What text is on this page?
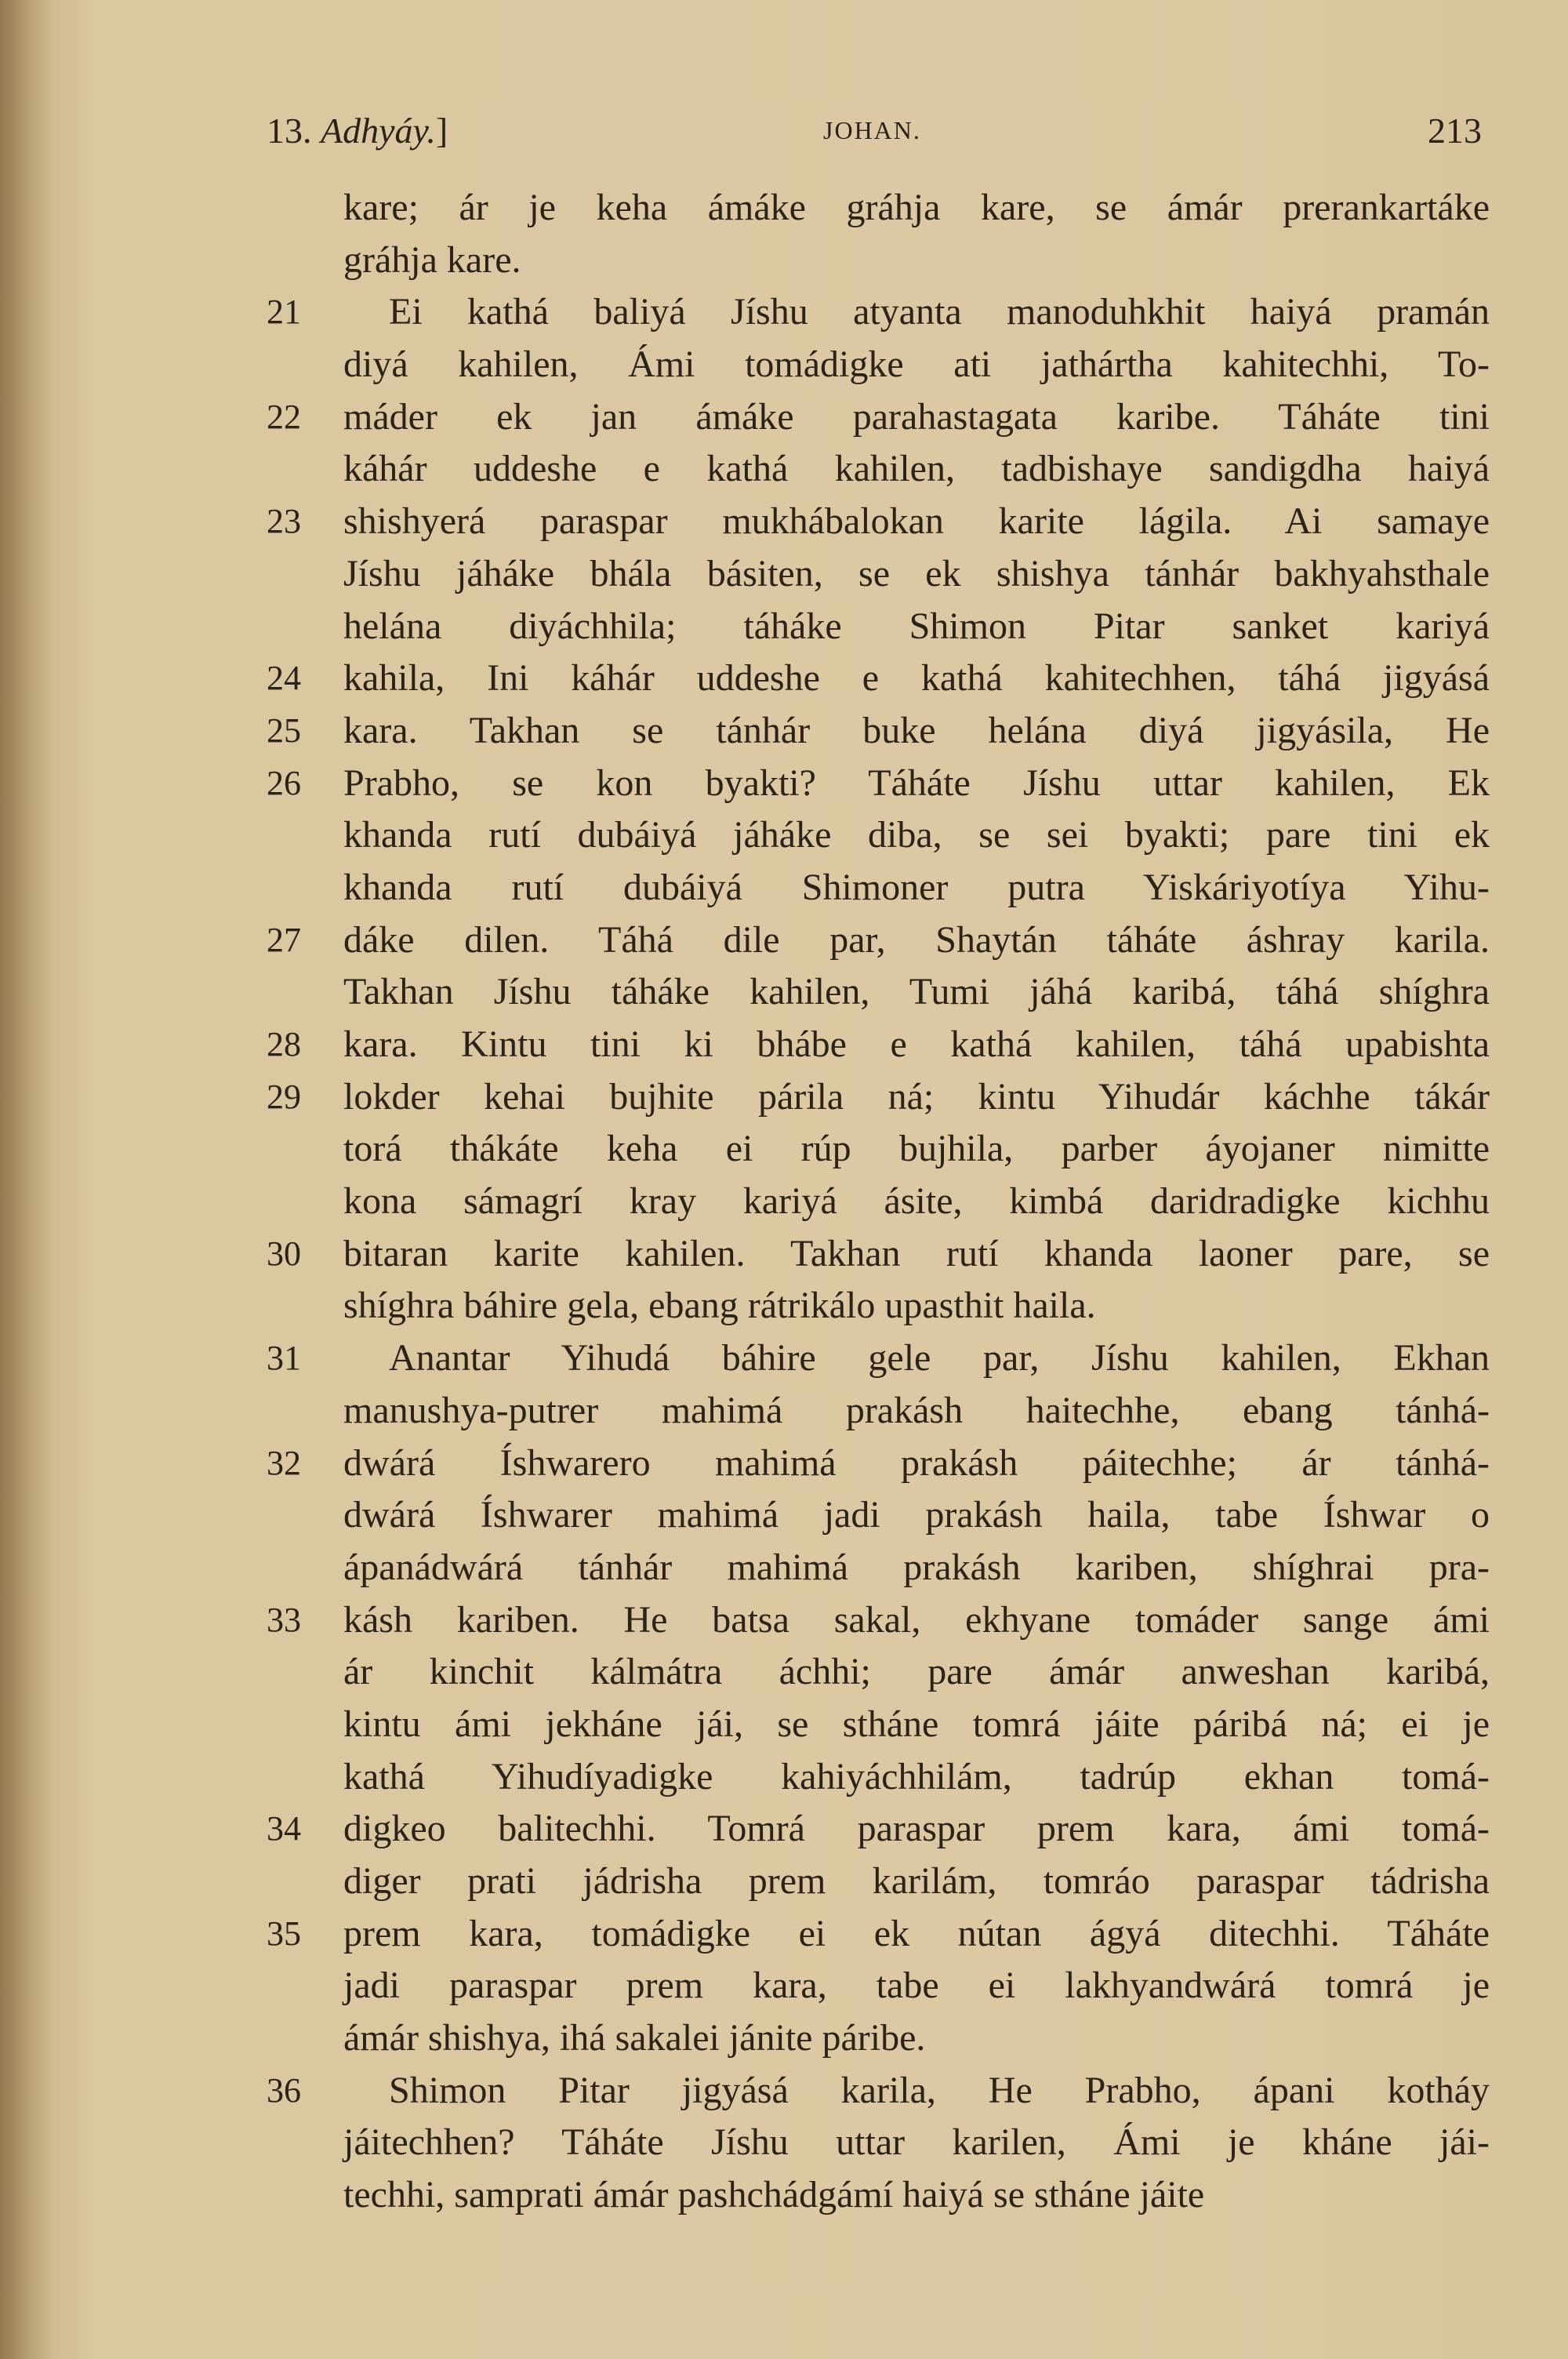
13. Adhyáy.]	JOHAN.	213
kare; ár je keha ámáke gráhja kare, se ámár prerankartáke
gráhja kare.
21	Ei kathá baliyá Jíshu atyanta manoduhkhit haiyá pramán
diyá kahilen, Ámi tomádigke ati jathártha kahitechhi, To-
22	máder ek jan ámáke parahastagata karibe. Táháte tini
káhár uddeshe e kathá kahilen, tadbishaye sandigdha haiyá
23	shishyerá paraspar mukhábalokan karite lágila. Ai samaye
Jíshu jáháke bhála básiten, se ek shishya tánhár bakhyahsthale
helána diyáchhila; táháke Shimon Pitar sanket kariyá
24	kahila, Ini káhár uddeshe e kathá kahitechhen, táhá jigyásá
25	kara. Takhan se tánhár buke helána diyá jigyásila, He
26	Prabho, se kon byakti? Táháte Jíshu uttar kahilen, Ek
khanda rutí dubáiyá jáháke diba, se sei byakti; pare tini ek
khanda rutí dubáiyá Shimoner putra Yiskáriyotíya Yihu-
27	dáke dilen. Táhá dile par, Shaytán táháte áshray karila.
Takhan Jíshu táháke kahilen, Tumi jáhá karibá, táhá shíghra
28	kara. Kintu tini ki bhábe e kathá kahilen, táhá upabishta
29	lokder kehai bujhite párila ná; kintu Yihudár káchhe tákár
torá thákáte keha ei rúp bujhila, parber áyojaner nimitte
kona sámagrí kray kariyá ásite, kimbá daridradigke kichhu
30	bitaran karite kahilen. Takhan rutí khanda laoner pare, se
shíghra báhire gela, ebang rátrikálo upasthit haila.
31	Anantar Yihudá báhire gele par, Jíshu kahilen, Ekhan
manushya-putrer mahimá prakásh haitechhe, ebang tánhá-
32	dwárá Íshwarero mahimá prakásh páitechhe; ár tánhá-
dwárá Íshwarer mahimá jadi prakásh haila, tabe Íshwar o
ápanádwárá tánhár mahimá prakásh kariben, shíghrai pra-
33	kásh kariben. He batsa sakal, ekhyane tomáder sange ámi
ár kinchit kálmátra áchhi; pare ámár anweshan karibá,
kintu ámi jekháne jái, se stháne tomrá jáite páribá ná; ei je
kathá Yihudíyadigke kahiyáchhilám, tadrúp ekhan tomá-
34	digkeo balitechhi. Tomrá paraspar prem kara, ámi tomá-
diger prati jádrisha prem karilám, tomráo paraspar tádrisha
35	prem kara, tomádigke ei ek nútan ágyá ditechhi. Táháte
jadi paraspar prem kara, tabe ei lakhyandwárá tomrá je
ámár shishya, ihá sakalei jánite páribe.
36	Shimon Pitar jigyásá karila, He Prabho, ápani kotháy
jáitechhen? Táháte Jíshu uttar karilen, Ámi je kháne jái-
techhi, samprati ámár pashchádgámí haiyá se stháne jáite
